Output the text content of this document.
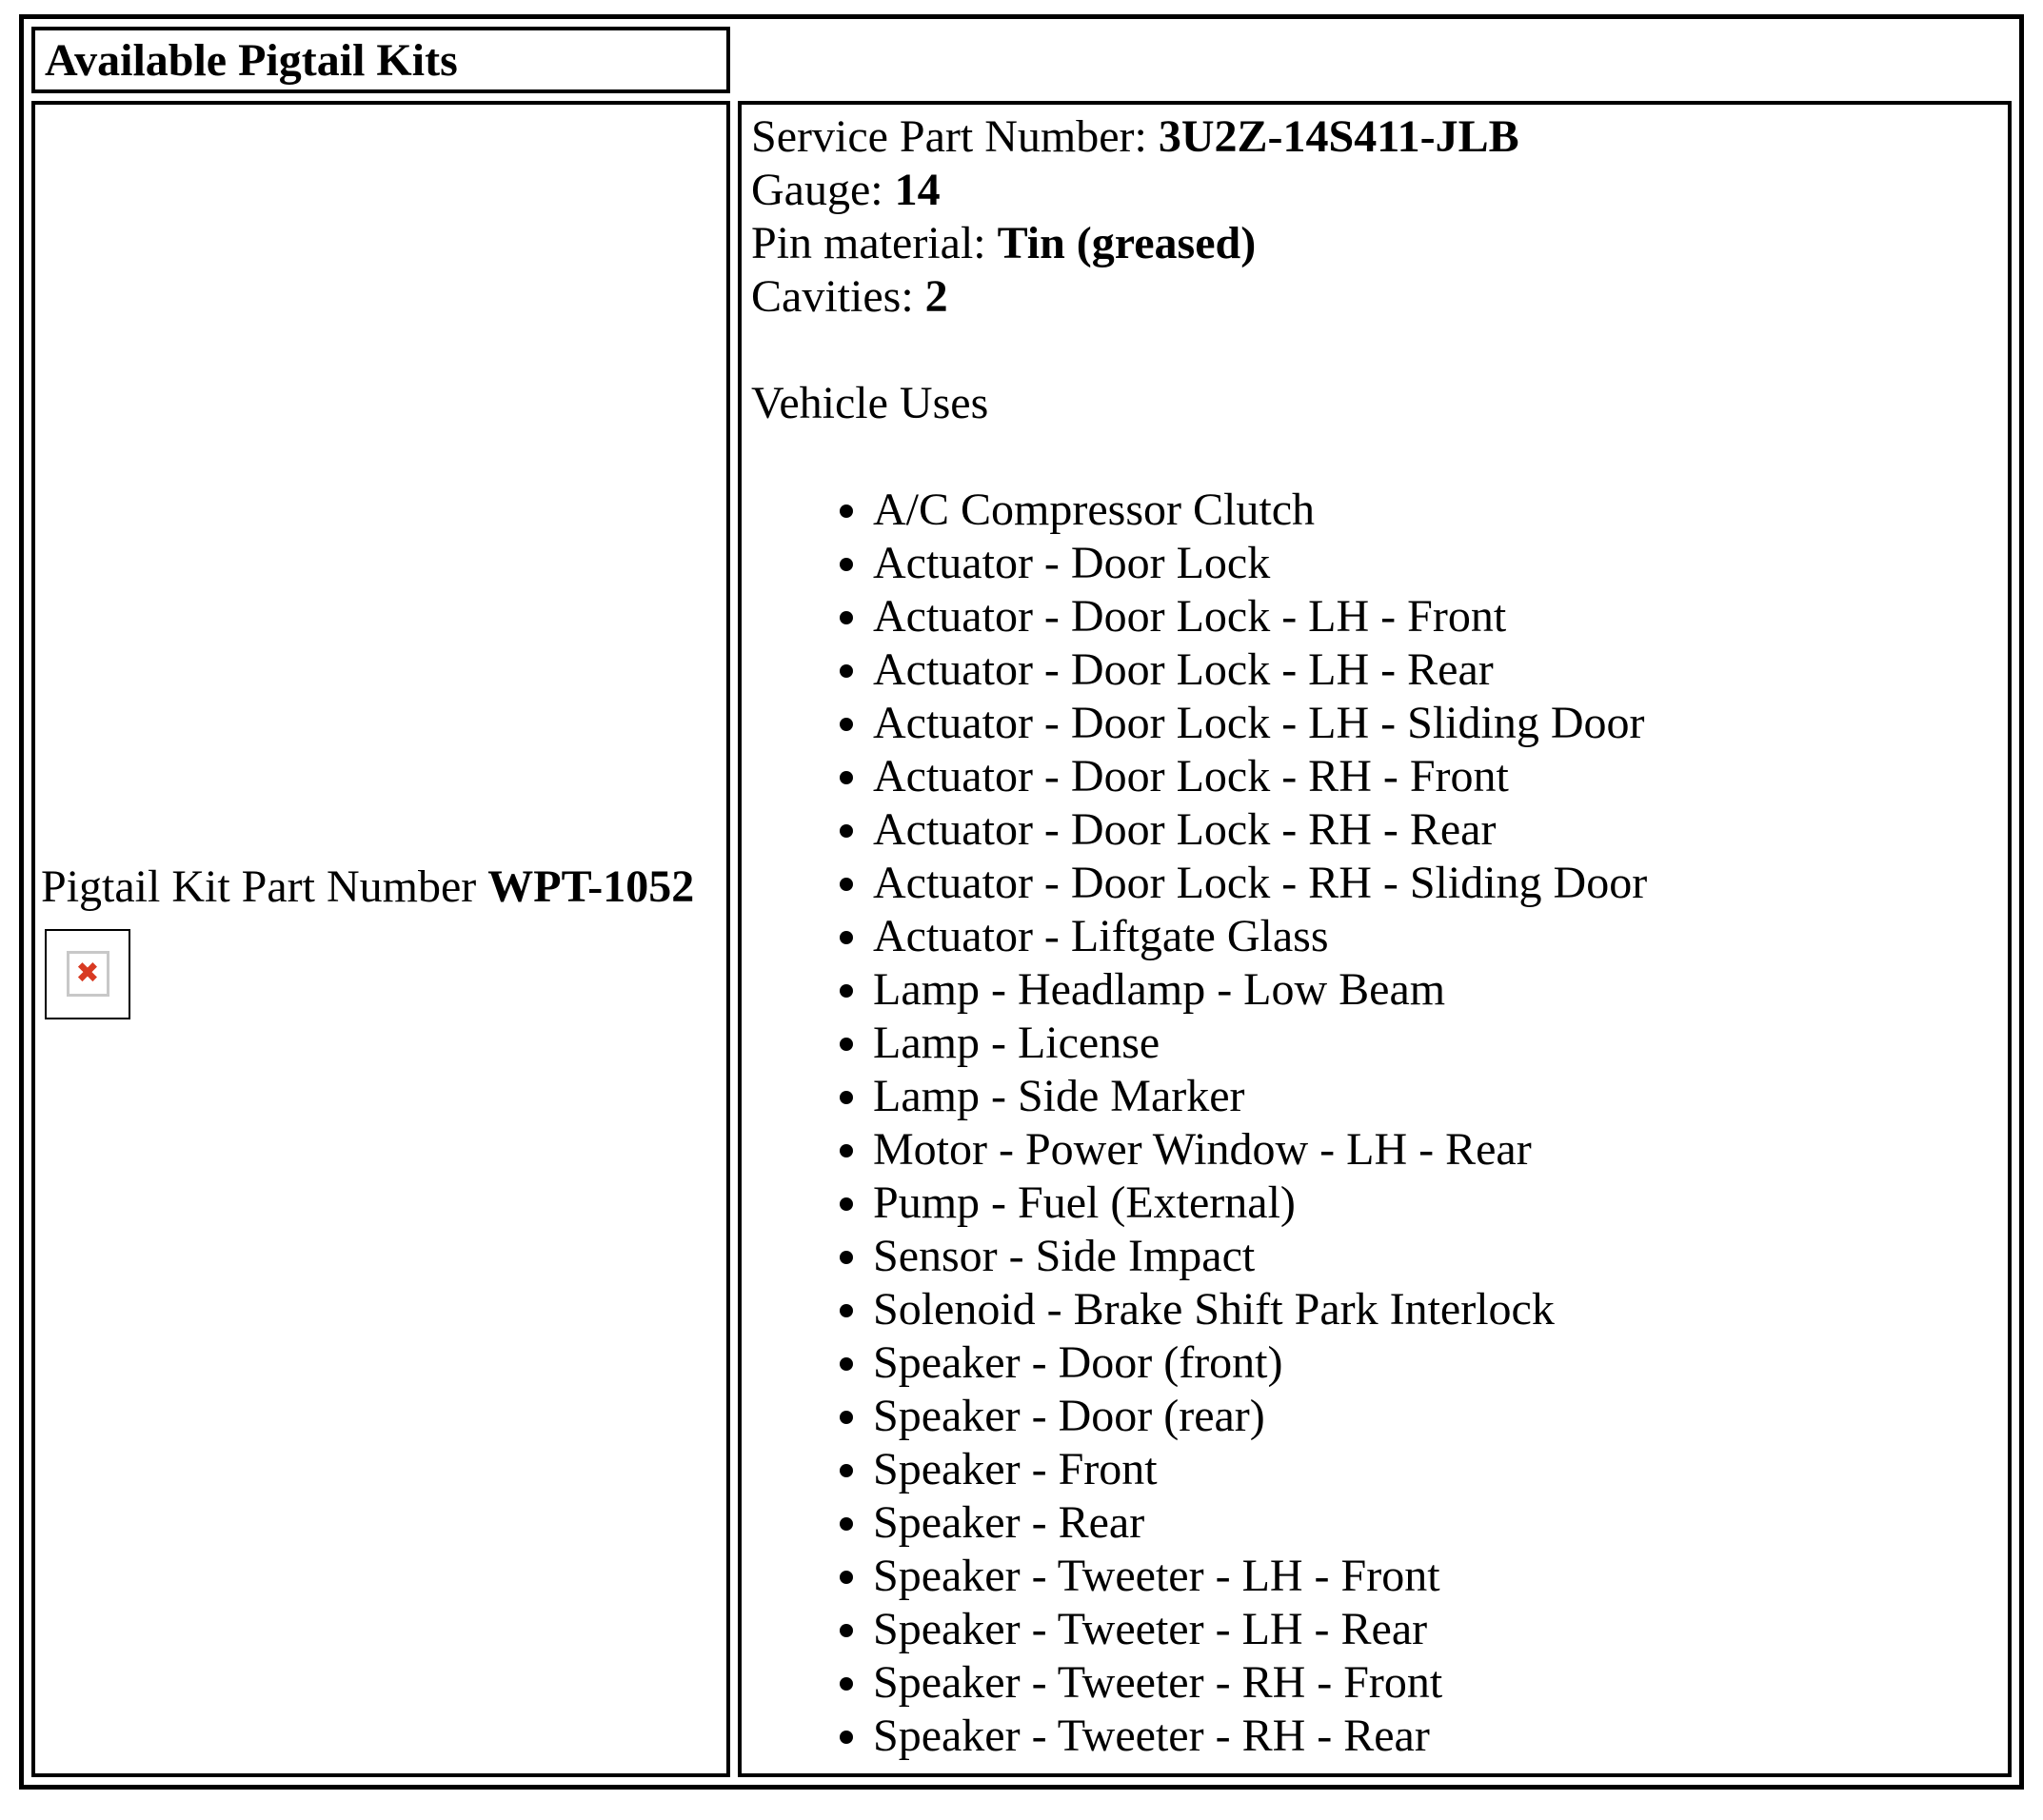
Available Pigtail Kits
Pigtail Kit Part Number WPT-1052
✖
Service Part Number: 3U2Z-14S411-JLB
Gauge: 14
Pin material: Tin (greased)
Cavities: 2
Vehicle Uses
• A/C Compressor Clutch
• Actuator - Door Lock
• Actuator - Door Lock - LH - Front
• Actuator - Door Lock - LH - Rear
• Actuator - Door Lock - LH - Sliding Door
• Actuator - Door Lock - RH - Front
• Actuator - Door Lock - RH - Rear
• Actuator - Door Lock - RH - Sliding Door
• Actuator - Liftgate Glass
• Lamp - Headlamp - Low Beam
• Lamp - License
• Lamp - Side Marker
• Motor - Power Window - LH - Rear
• Pump - Fuel (External)
• Sensor - Side Impact
• Solenoid - Brake Shift Park Interlock
• Speaker - Door (front)
• Speaker - Door (rear)
• Speaker - Front
• Speaker - Rear
• Speaker - Tweeter - LH - Front
• Speaker - Tweeter - LH - Rear
• Speaker - Tweeter - RH - Front
• Speaker - Tweeter - RH - Rear
